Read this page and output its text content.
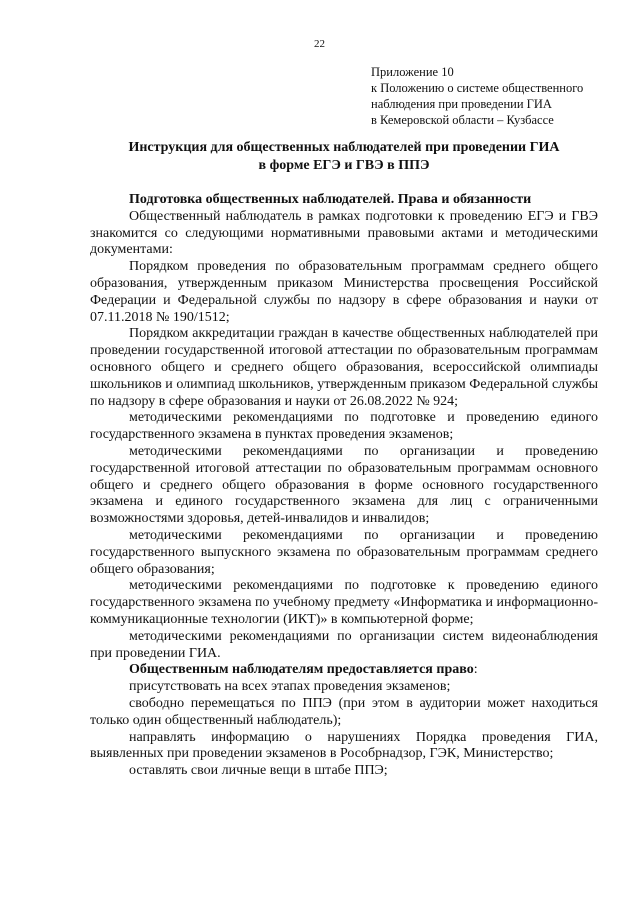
22
Приложение 10
к Положению о системе общественного
наблюдения при проведении ГИА
в Кемеровской области – Кузбассе
Инструкция для общественных наблюдателей при проведении ГИА
в форме ЕГЭ и ГВЭ в ППЭ

Подготовка общественных наблюдателей. Права и обязанности

Общественный наблюдатель в рамках подготовки к проведению ЕГЭ и ГВЭ знакомится со следующими нормативными правовыми актами и методическими документами:

Порядком проведения по образовательным программам среднего общего образования, утвержденным приказом Министерства просвещения Российской Федерации и Федеральной службы по надзору в сфере образования и науки от 07.11.2018 № 190/1512;

Порядком аккредитации граждан в качестве общественных наблюдателей при проведении государственной итоговой аттестации по образовательным программам основного общего и среднего общего образования, всероссийской олимпиады школьников и олимпиад школьников, утвержденным приказом Федеральной службы по надзору в сфере образования и науки от 26.08.2022 № 924;

методическими рекомендациями по подготовке и проведению единого государственного экзамена в пунктах проведения экзаменов;

методическими рекомендациями по организации и проведению государственной итоговой аттестации по образовательным программам основного общего и среднего общего образования в форме основного государственного экзамена и единого государственного экзамена для лиц с ограниченными возможностями здоровья, детей-инвалидов и инвалидов;

методическими рекомендациями по организации и проведению государственного выпускного экзамена по образовательным программам среднего общего образования;

методическими рекомендациями по подготовке к проведению единого государственного экзамена по учебному предмету «Информатика и информационно-коммуникационные технологии (ИКТ)» в компьютерной форме;

методическими рекомендациями по организации систем видеонаблюдения при проведении ГИА.

Общественным наблюдателям предоставляется право:

присутствовать на всех этапах проведения экзаменов;

свободно перемещаться по ППЭ (при этом в аудитории может находиться только один общественный наблюдатель);

направлять информацию о нарушениях Порядка проведения ГИА, выявленных при проведении экзаменов в Рособрнадзор, ГЭК, Министерство;

оставлять свои личные вещи в штабе ППЭ;
